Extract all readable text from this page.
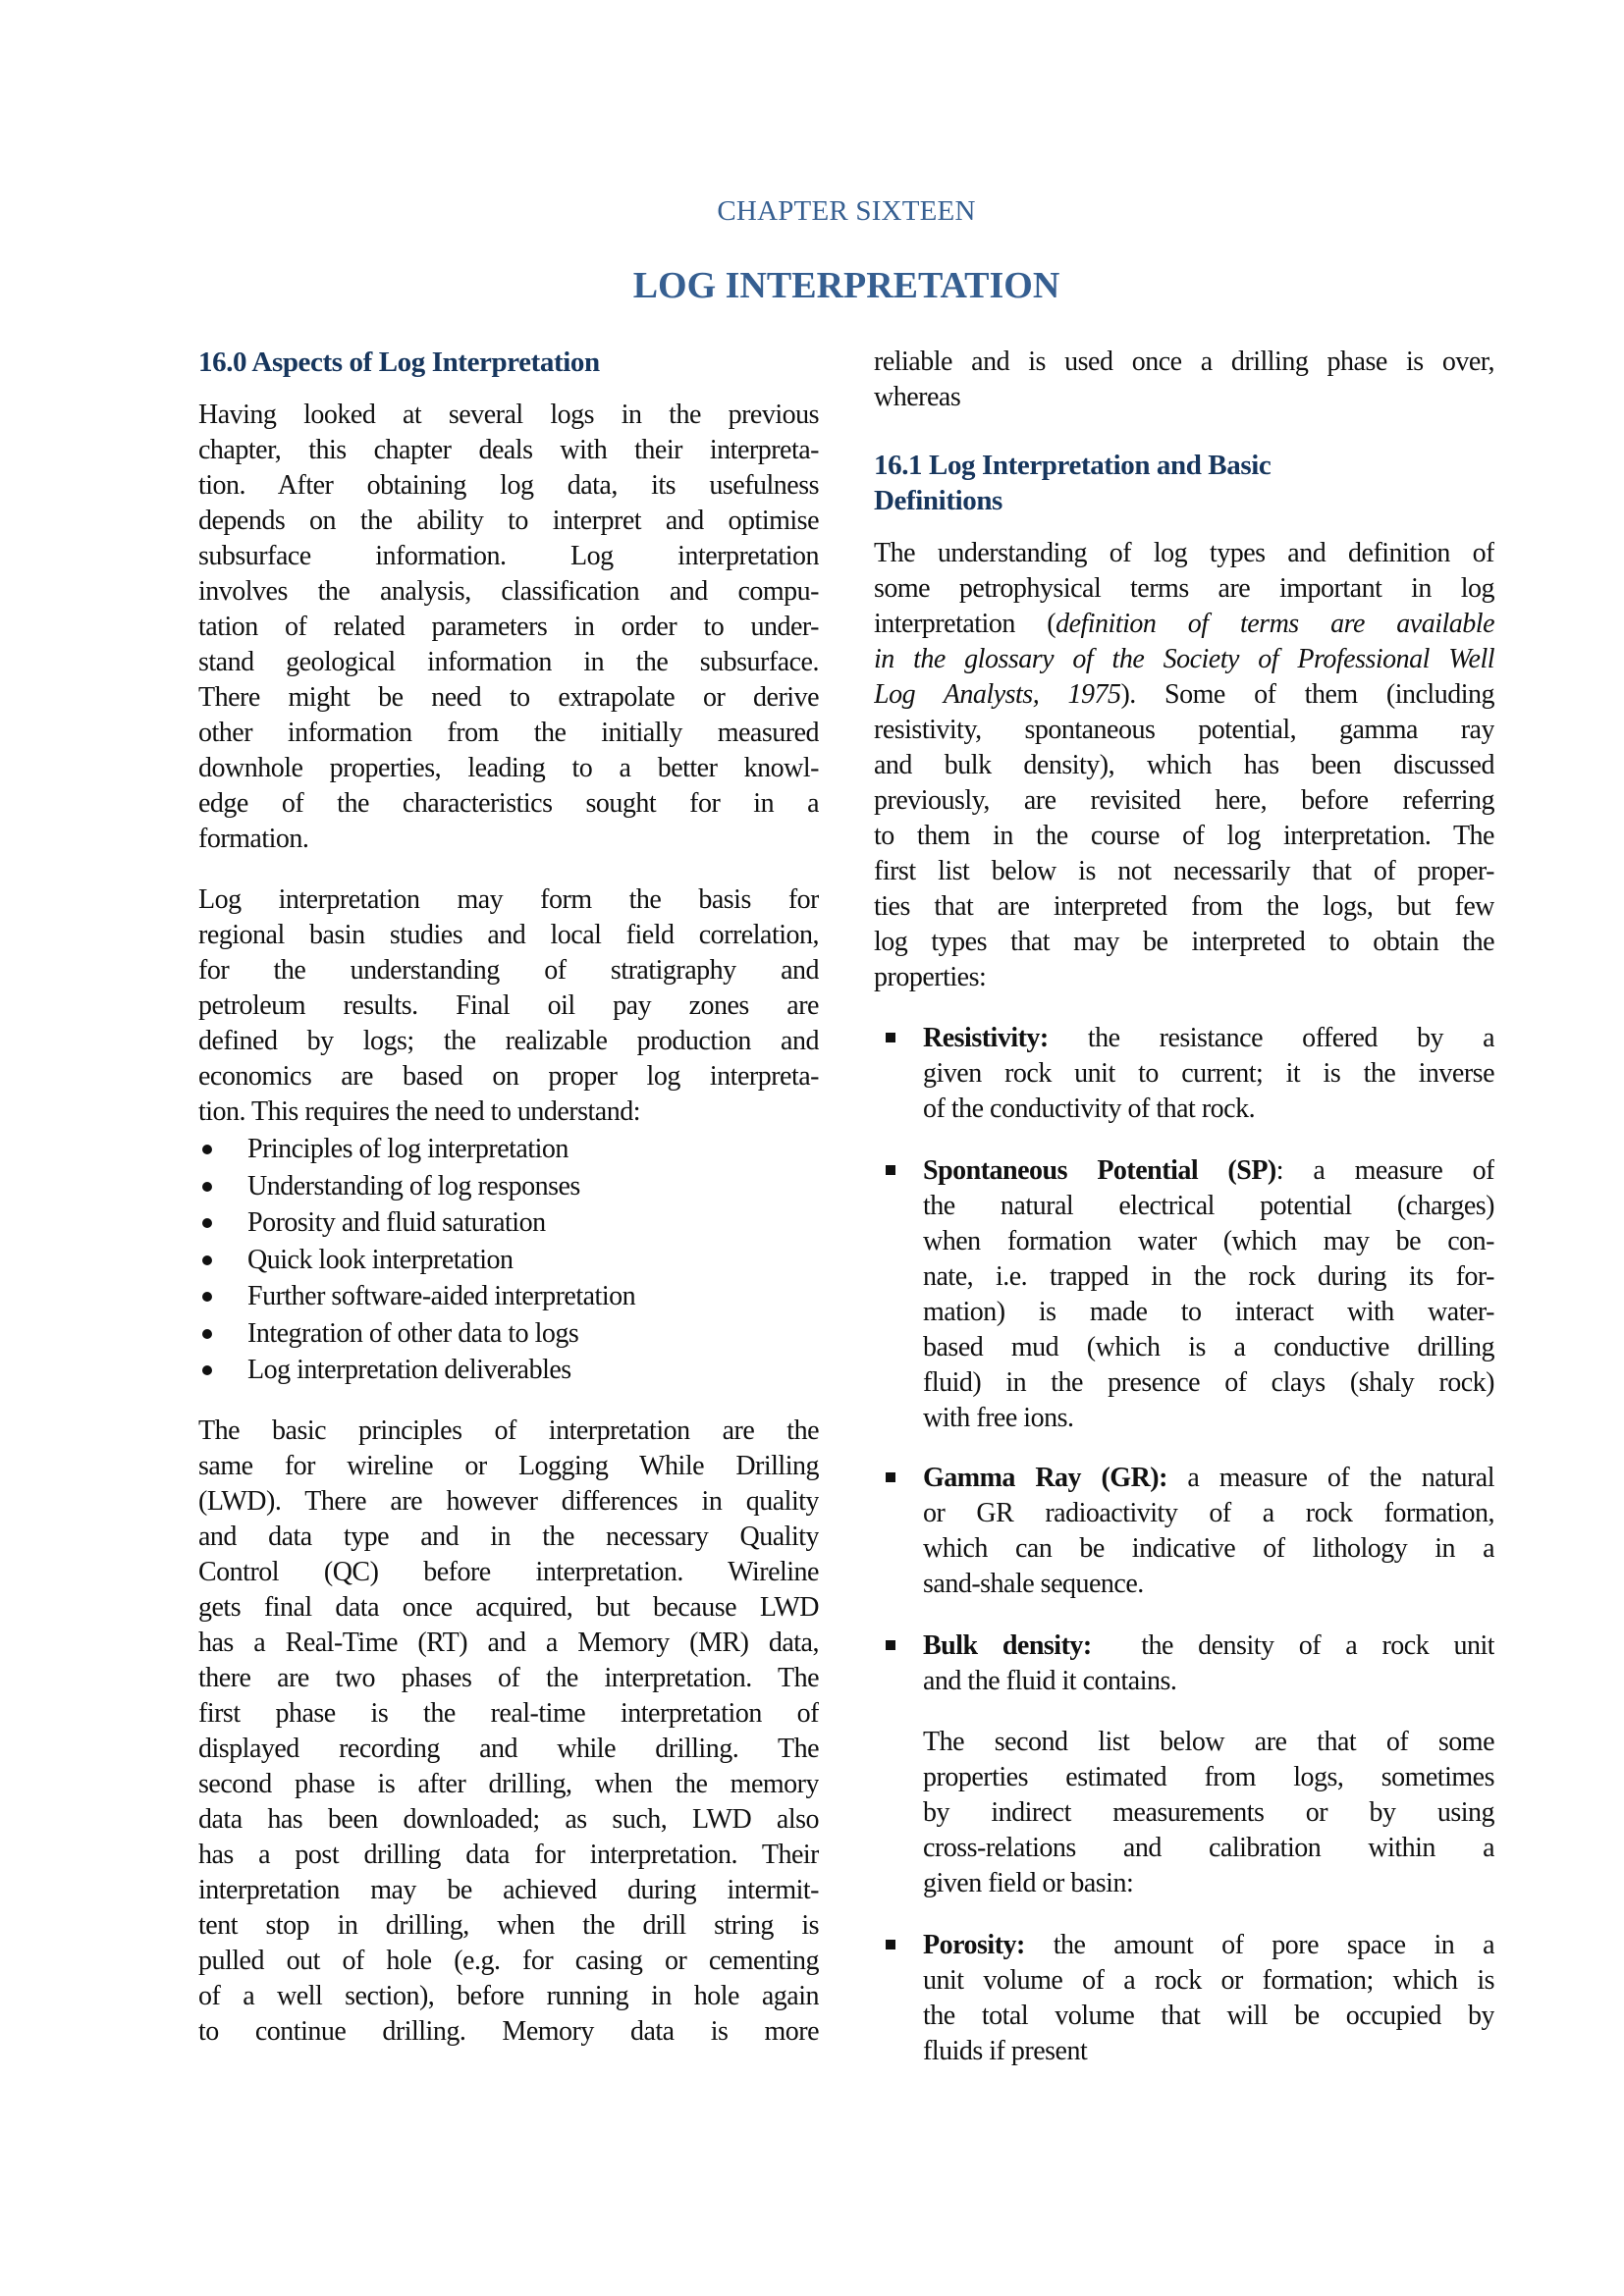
CHAPTER SIXTEEN
LOG INTERPRETATION
16.0 Aspects of Log Interpretation
Having looked at several logs in the previous
chapter, this chapter deals with their interpreta-
tion. After obtaining log data, its usefulness
depends on the ability to interpret and optimise
subsurface information. Log interpretation
involves the analysis, classification and compu-
tation of related parameters in order to under-
stand geological information in the subsurface.
There might be need to extrapolate or derive
other information from the initially measured
downhole properties, leading to a better knowl-
edge of the characteristics sought for in a
formation.
Log interpretation may form the basis for
regional basin studies and local field correlation,
for the understanding of stratigraphy and
petroleum results. Final oil pay zones are
defined by logs; the realizable production and
economics are based on proper log interpreta-
tion. This requires the need to understand:
Principles of log interpretation
Understanding of log responses
Porosity and fluid saturation
Quick look interpretation
Further software-aided interpretation
Integration of other data to logs
Log interpretation deliverables
The basic principles of interpretation are the
same for wireline or Logging While Drilling
(LWD). There are however differences in quality
and data type and in the necessary Quality
Control (QC) before interpretation. Wireline
gets final data once acquired, but because LWD
has a Real-Time (RT) and a Memory (MR) data,
there are two phases of the interpretation. The
first phase is the real-time interpretation of
displayed recording and while drilling. The
second phase is after drilling, when the memory
data has been downloaded; as such, LWD also
has a post drilling data for interpretation. Their
interpretation may be achieved during intermit-
tent stop in drilling, when the drill string is
pulled out of hole (e.g. for casing or cementing
of a well section), before running in hole again
to continue drilling. Memory data is more
reliable and is used once a drilling phase is over,
whereas
16.1 Log Interpretation and Basic
Definitions
The understanding of log types and definition of
some petrophysical terms are important in log
interpretation (definition of terms are available
in the glossary of the Society of Professional Well
Log Analysts, 1975). Some of them (including
resistivity, spontaneous potential, gamma ray
and bulk density), which has been discussed
previously, are revisited here, before referring
to them in the course of log interpretation. The
first list below is not necessarily that of proper-
ties that are interpreted from the logs, but few
log types that may be interpreted to obtain the
properties:
Resistivity: the resistance offered by a
given rock unit to current; it is the inverse
of the conductivity of that rock.
Spontaneous Potential (SP): a measure of
the natural electrical potential (charges)
when formation water (which may be con-
nate, i.e. trapped in the rock during its for-
mation) is made to interact with water-
based mud (which is a conductive drilling
fluid) in the presence of clays (shaly rock)
with free ions.
Gamma Ray (GR): a measure of the natural
or GR radioactivity of a rock formation,
which can be indicative of lithology in a
sand-shale sequence.
Bulk density:  the density of a rock unit
and the fluid it contains.
The second list below are that of some
properties estimated from logs, sometimes
by indirect measurements or by using
cross-relations and calibration within a
given field or basin:
Porosity: the amount of pore space in a
unit volume of a rock or formation; which is
the total volume that will be occupied by
fluids if present
